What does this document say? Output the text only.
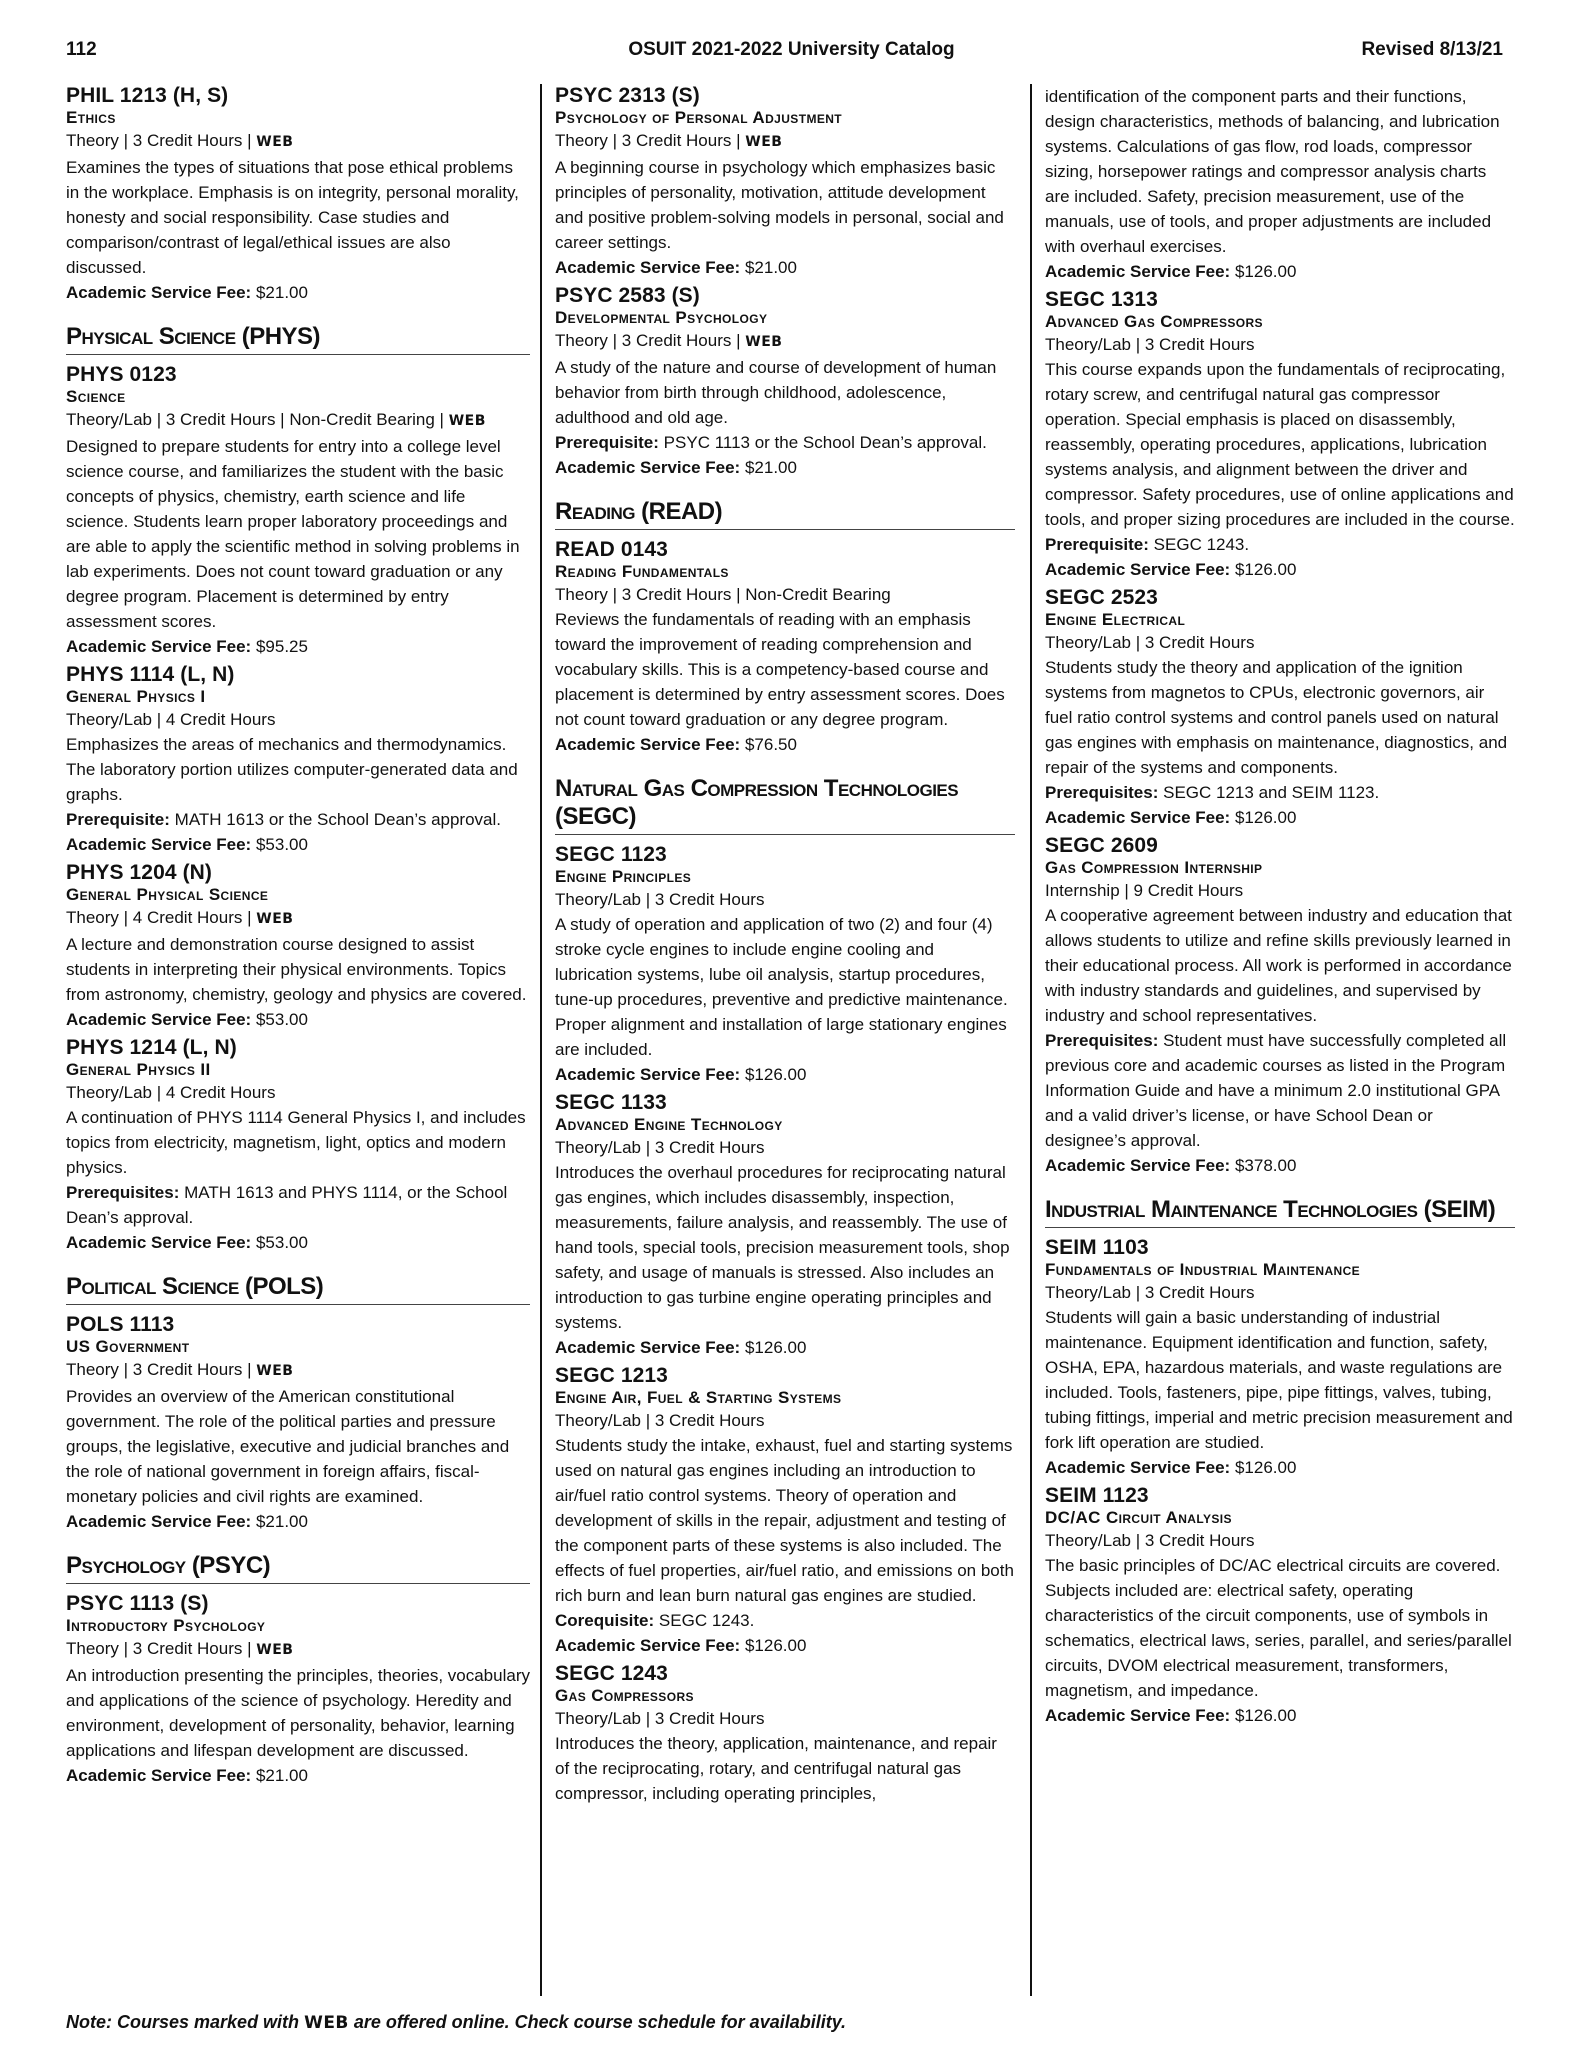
OSUIT 2021-2022 University Catalog
112	Revised 8/13/21
PHIL 1213 (H, S)
Ethics
Theory | 3 Credit Hours | WEB
Examines the types of situations that pose ethical problems in the workplace. Emphasis is on integrity, personal morality, honesty and social responsibility. Case studies and comparison/contrast of legal/ethical issues are also discussed.
Academic Service Fee: $21.00
Physical Science (PHYS)
PHYS 0123
Science
Theory/Lab | 3 Credit Hours | Non-Credit Bearing | WEB
Designed to prepare students for entry into a college level science course, and familiarizes the student with the basic concepts of physics, chemistry, earth science and life science. Students learn proper laboratory proceedings and are able to apply the scientific method in solving problems in lab experiments. Does not count toward graduation or any degree program. Placement is determined by entry assessment scores.
Academic Service Fee: $95.25
PHYS 1114 (L, N)
General Physics I
Theory/Lab | 4 Credit Hours
Emphasizes the areas of mechanics and thermodynamics. The laboratory portion utilizes computer-generated data and graphs.
Prerequisite: MATH 1613 or the School Dean’s approval.
Academic Service Fee: $53.00
PHYS 1204 (N)
General Physical Science
Theory | 4 Credit Hours | WEB
A lecture and demonstration course designed to assist students in interpreting their physical environments. Topics from astronomy, chemistry, geology and physics are covered.
Academic Service Fee: $53.00
PHYS 1214 (L, N)
General Physics II
Theory/Lab | 4 Credit Hours
A continuation of PHYS 1114 General Physics I, and includes topics from electricity, magnetism, light, optics and modern physics.
Prerequisites: MATH 1613 and PHYS 1114, or the School Dean’s approval.
Academic Service Fee: $53.00
Political Science (POLS)
POLS 1113
US Government
Theory | 3 Credit Hours | WEB
Provides an overview of the American constitutional government. The role of the political parties and pressure groups, the legislative, executive and judicial branches and the role of national government in foreign affairs, fiscal-monetary policies and civil rights are examined.
Academic Service Fee: $21.00
Psychology (PSYC)
PSYC 1113 (S)
Introductory Psychology
Theory | 3 Credit Hours | WEB
An introduction presenting the principles, theories, vocabulary and applications of the science of psychology. Heredity and environment, development of personality, behavior, learning applications and lifespan development are discussed.
Academic Service Fee: $21.00
PSYC 2313 (S)
Psychology of Personal Adjustment
Theory | 3 Credit Hours | WEB
A beginning course in psychology which emphasizes basic principles of personality, motivation, attitude development and positive problem-solving models in personal, social and career settings.
Academic Service Fee: $21.00
PSYC 2583 (S)
Developmental Psychology
Theory | 3 Credit Hours | WEB
A study of the nature and course of development of human behavior from birth through childhood, adolescence, adulthood and old age.
Prerequisite: PSYC 1113 or the School Dean’s approval.
Academic Service Fee: $21.00
Reading (READ)
READ 0143
Reading Fundamentals
Theory | 3 Credit Hours | Non-Credit Bearing
Reviews the fundamentals of reading with an emphasis toward the improvement of reading comprehension and vocabulary skills. This is a competency-based course and placement is determined by entry assessment scores. Does not count toward graduation or any degree program.
Academic Service Fee: $76.50
Natural Gas Compression Technologies (SEGC)
SEGC 1123
Engine Principles
Theory/Lab | 3 Credit Hours
A study of operation and application of two (2) and four (4) stroke cycle engines to include engine cooling and lubrication systems, lube oil analysis, startup procedures, tune-up procedures, preventive and predictive maintenance. Proper alignment and installation of large stationary engines are included.
Academic Service Fee: $126.00
SEGC 1133
Advanced Engine Technology
Theory/Lab | 3 Credit Hours
Introduces the overhaul procedures for reciprocating natural gas engines, which includes disassembly, inspection, measurements, failure analysis, and reassembly. The use of hand tools, special tools, precision measurement tools, shop safety, and usage of manuals is stressed. Also includes an introduction to gas turbine engine operating principles and systems.
Academic Service Fee: $126.00
SEGC 1213
Engine Air, Fuel & Starting Systems
Theory/Lab | 3 Credit Hours
Students study the intake, exhaust, fuel and starting systems used on natural gas engines including an introduction to air/fuel ratio control systems. Theory of operation and development of skills in the repair, adjustment and testing of the component parts of these systems is also included. The effects of fuel properties, air/fuel ratio, and emissions on both rich burn and lean burn natural gas engines are studied.
Corequisite: SEGC 1243.
Academic Service Fee: $126.00
SEGC 1243
Gas Compressors
Theory/Lab | 3 Credit Hours
Introduces the theory, application, maintenance, and repair of the reciprocating, rotary, and centrifugal natural gas compressor, including operating principles,
identification of the component parts and their functions, design characteristics, methods of balancing, and lubrication systems. Calculations of gas flow, rod loads, compressor sizing, horsepower ratings and compressor analysis charts are included. Safety, precision measurement, use of the manuals, use of tools, and proper adjustments are included with overhaul exercises.
Academic Service Fee: $126.00
SEGC 1313
Advanced Gas Compressors
Theory/Lab | 3 Credit Hours
This course expands upon the fundamentals of reciprocating, rotary screw, and centrifugal natural gas compressor operation. Special emphasis is placed on disassembly, reassembly, operating procedures, applications, lubrication systems analysis, and alignment between the driver and compressor. Safety procedures, use of online applications and tools, and proper sizing procedures are included in the course.
Prerequisite: SEGC 1243.
Academic Service Fee: $126.00
SEGC 2523
Engine Electrical
Theory/Lab | 3 Credit Hours
Students study the theory and application of the ignition systems from magnetos to CPUs, electronic governors, air fuel ratio control systems and control panels used on natural gas engines with emphasis on maintenance, diagnostics, and repair of the systems and components.
Prerequisites: SEGC 1213 and SEIM 1123.
Academic Service Fee: $126.00
SEGC 2609
Gas Compression Internship
Internship | 9 Credit Hours
A cooperative agreement between industry and education that allows students to utilize and refine skills previously learned in their educational process. All work is performed in accordance with industry standards and guidelines, and supervised by industry and school representatives.
Prerequisites: Student must have successfully completed all previous core and academic courses as listed in the Program Information Guide and have a minimum 2.0 institutional GPA and a valid driver’s license, or have School Dean or designee’s approval.
Academic Service Fee: $378.00
Industrial Maintenance Technologies (SEIM)
SEIM 1103
Fundamentals of Industrial Maintenance
Theory/Lab | 3 Credit Hours
Students will gain a basic understanding of industrial maintenance. Equipment identification and function, safety, OSHA, EPA, hazardous materials, and waste regulations are included. Tools, fasteners, pipe, pipe fittings, valves, tubing, tubing fittings, imperial and metric precision measurement and fork lift operation are studied.
Academic Service Fee: $126.00
SEIM 1123
DC/AC Circuit Analysis
Theory/Lab | 3 Credit Hours
The basic principles of DC/AC electrical circuits are covered. Subjects included are: electrical safety, operating characteristics of the circuit components, use of symbols in schematics, electrical laws, series, parallel, and series/parallel circuits, DVOM electrical measurement, transformers, magnetism, and impedance.
Academic Service Fee: $126.00
Note: Courses marked with WEB are offered online. Check course schedule for availability.
